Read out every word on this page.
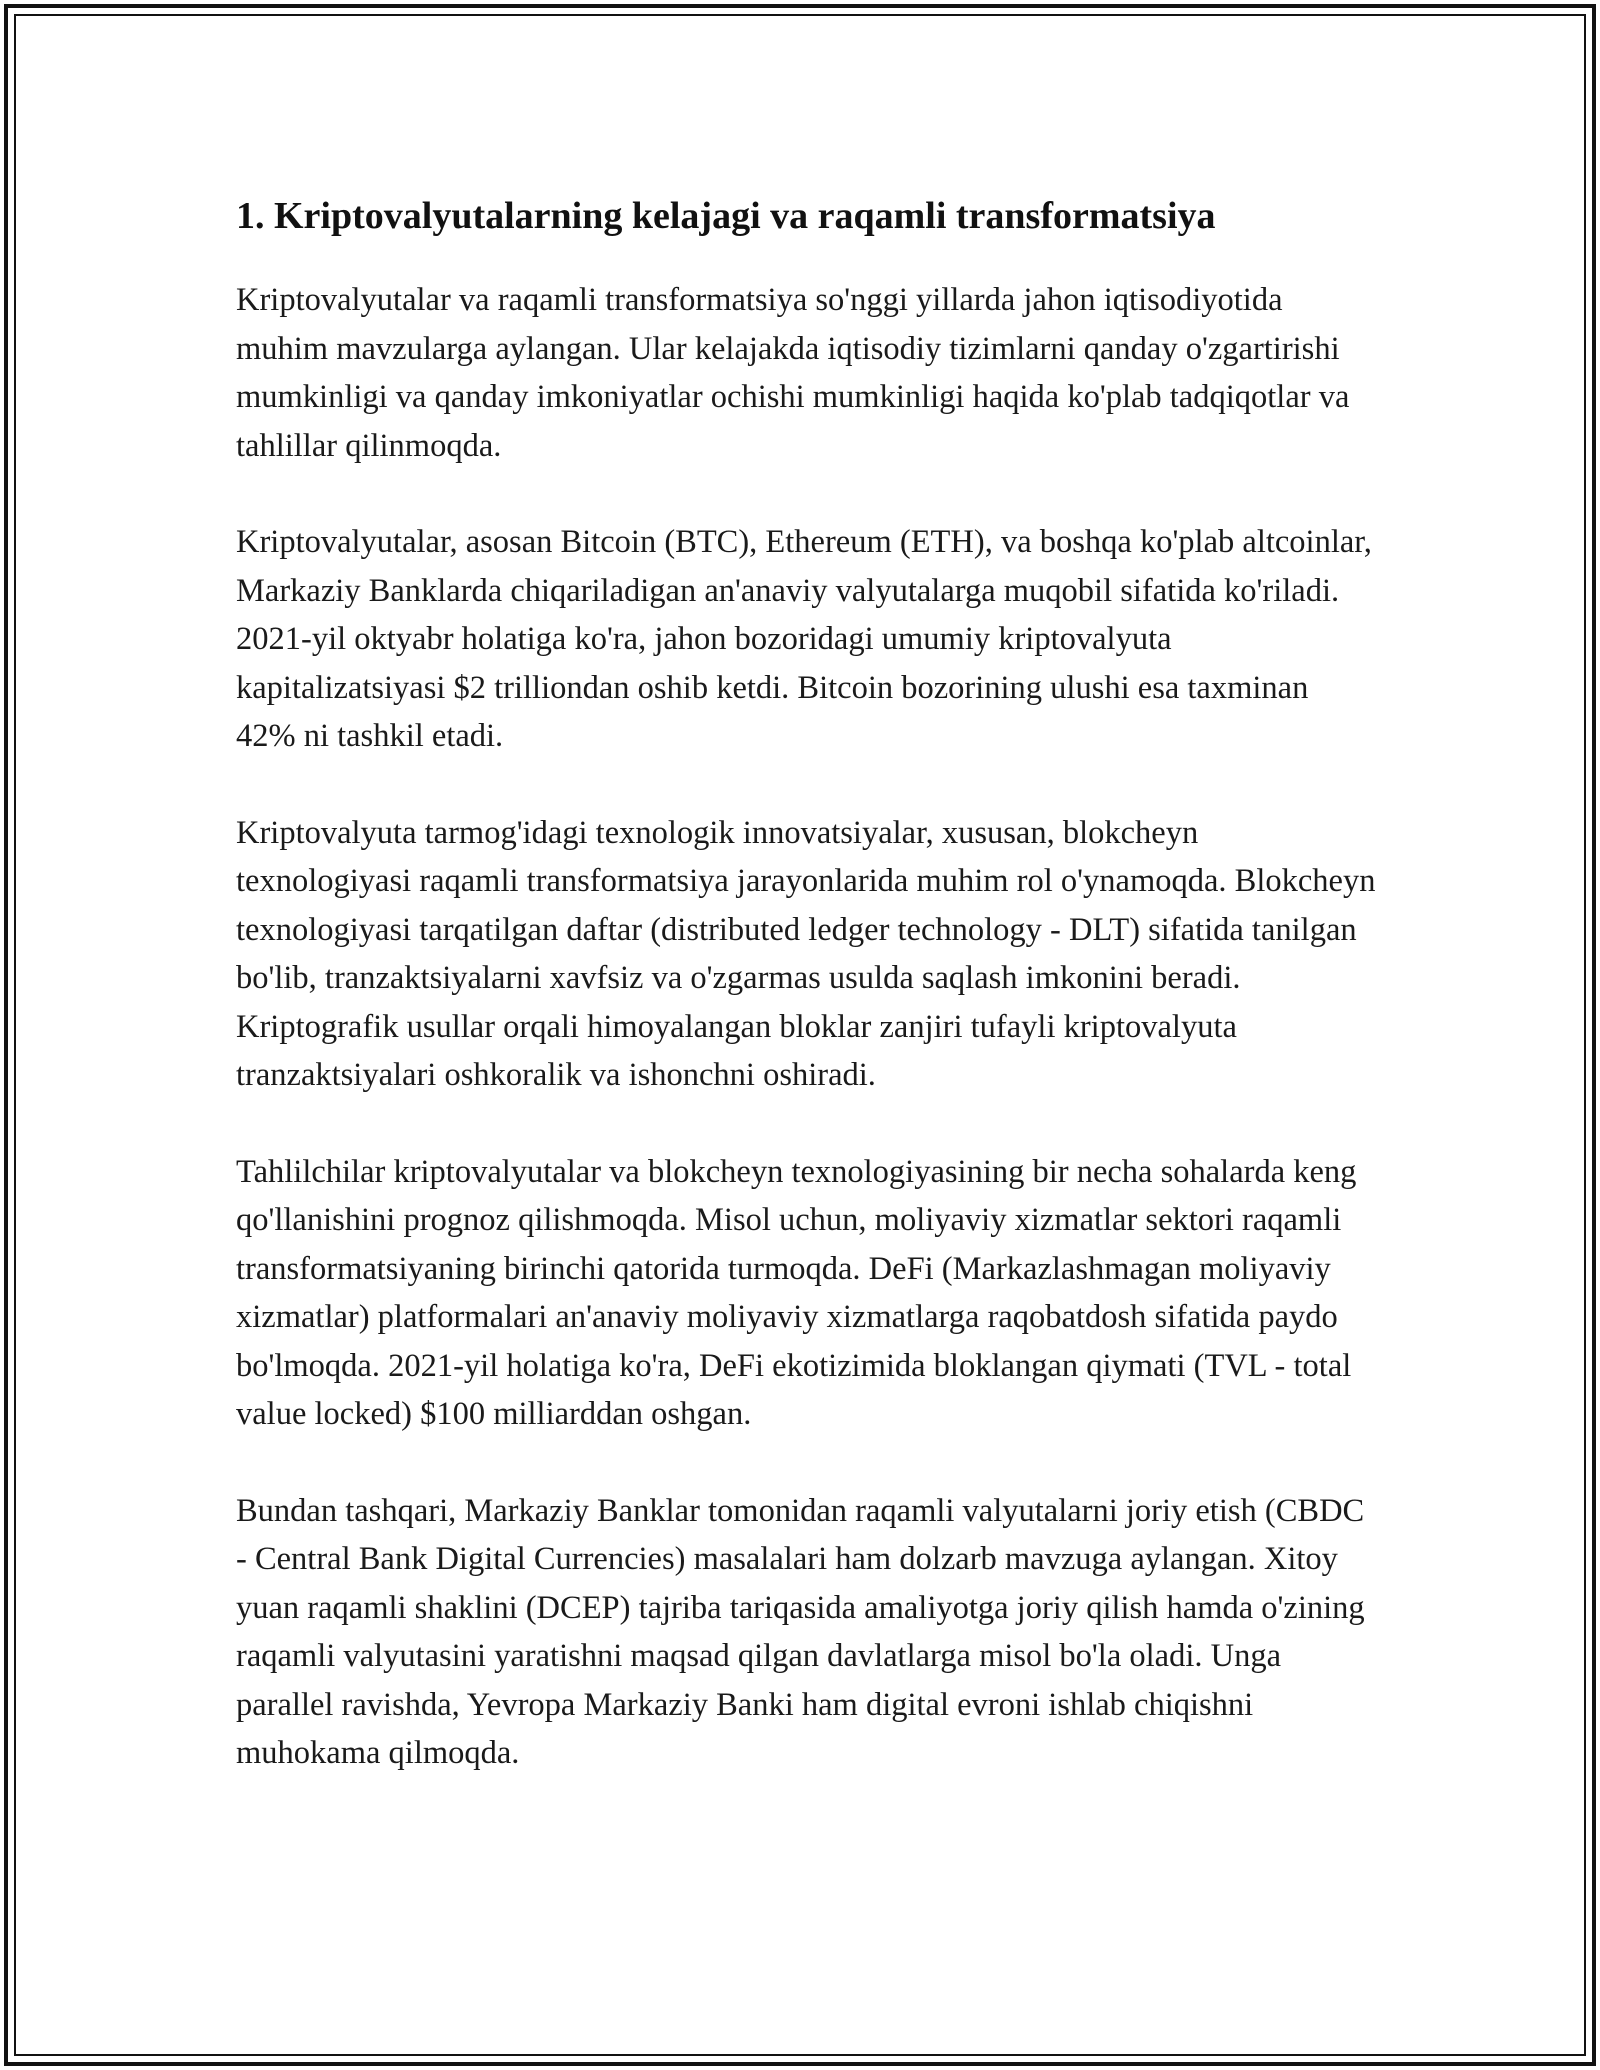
1. Kriptovalyutalarning kelajagi va raqamli transformatsiya

Kriptovalyutalar va raqamli transformatsiya so'nggi yillarda jahon iqtisodiyotida muhim mavzularga aylangan. Ular kelajakda iqtisodiy tizimlarni qanday o'zgartirishi mumkinligi va qanday imkoniyatlar ochishi mumkinligi haqida ko'plab tadqiqotlar va tahlillar qilinmoqda.

Kriptovalyutalar, asosan Bitcoin (BTC), Ethereum (ETH), va boshqa ko'plab altcoinlar, Markaziy Banklarda chiqariladigan an'anaviy valyutalarga muqobil sifatida ko'riladi. 2021-yil oktyabr holatiga ko'ra, jahon bozoridagi umumiy kriptovalyuta kapitalizatsiyasi $2 trilliondan oshib ketdi. Bitcoin bozorining ulushi esa taxminan 42% ni tashkil etadi.

Kriptovalyuta tarmog'idagi texnologik innovatsiyalar, xususan, blokcheyn texnologiyasi raqamli transformatsiya jarayonlarida muhim rol o'ynamoqda. Blokcheyn texnologiyasi tarqatilgan daftar (distributed ledger technology - DLT) sifatida tanilgan bo'lib, tranzaktsiyalarni xavfsiz va o'zgarmas usulda saqlash imkonini beradi. Kriptografik usullar orqali himoyalangan bloklar zanjiri tufayli kriptovalyuta tranzaktsiyalari oshkoralik va ishonchni oshiradi.

Tahlilchilar kriptovalyutalar va blokcheyn texnologiyasining bir necha sohalarda keng qo'llanishini prognoz qilishmoqda. Misol uchun, moliyaviy xizmatlar sektori raqamli transformatsiyaning birinchi qatorida turmoqda. DeFi (Markazlashmagan moliyaviy xizmatlar) platformalari an'anaviy moliyaviy xizmatlarga raqobatdosh sifatida paydo bo'lmoqda. 2021-yil holatiga ko'ra, DeFi ekotizimida bloklangan qiymati (TVL - total value locked) $100 milliarddan oshgan.

Bundan tashqari, Markaziy Banklar tomonidan raqamli valyutalarni joriy etish (CBDC - Central Bank Digital Currencies) masalalari ham dolzarb mavzuga aylangan. Xitoy yuan raqamli shaklini (DCEP) tajriba tariqasida amaliyotga joriy qilish hamda o'zining raqamli valyutasini yaratishni maqsad qilgan davlatlarga misol bo'la oladi. Unga parallel ravishda, Yevropa Markaziy Banki ham digital evroni ishlab chiqishni muhokama qilmoqda.
